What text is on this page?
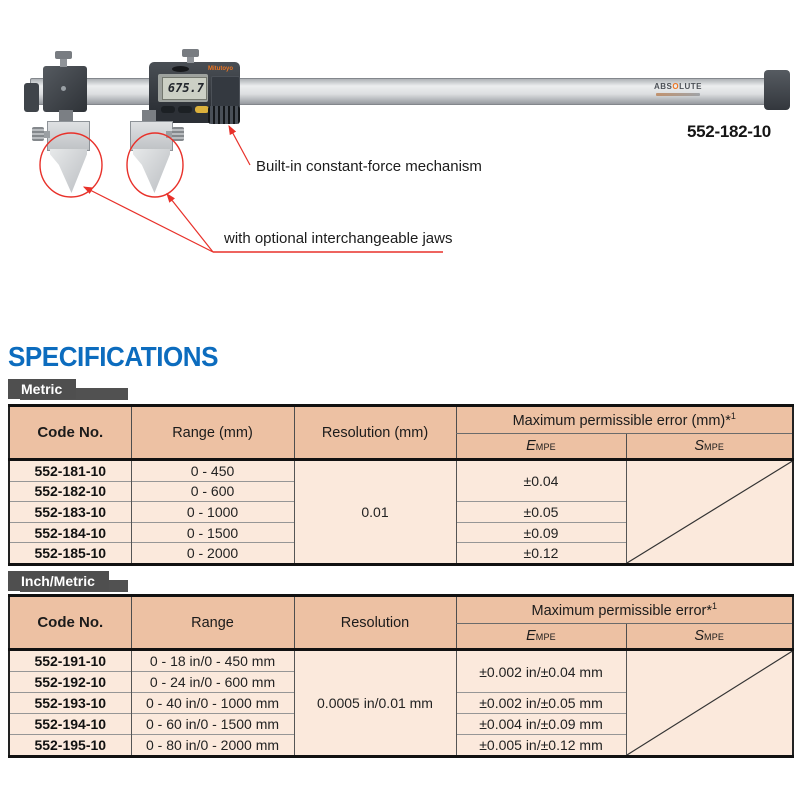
Mitutoyo
675.7	ABSOLUTE
Built-in constant-force mechanism
with optional interchangeable jaws
552-182-10
SPECIFICATIONS
Metric
Code No.	Range (mm)	Resolution (mm)	Maximum permissible error (mm)*$^1$
			EMPE	SMPE
552-181-10	0 - 450	0.01	±0.04	

552-182-10	0 - 600			
552-183-10	0 - 1000		±0.05	
552-184-10	0 - 1500		±0.09	
552-185-10	0 - 2000		±0.12	
Inch/Metric
Code No.	Range	Resolution	Maximum permissible error*$^1$
			EMPE	SMPE
552-191-10	0 - 18 in/0 - 450 mm	0.0005 in/0.01 mm	±0.002 in/±0.04 mm	

552-192-10	0 - 24 in/0 - 600 mm			
552-193-10	0 - 40 in/0 - 1000 mm		±0.002 in/±0.05 mm	
552-194-10	0 - 60 in/0 - 1500 mm		±0.004 in/±0.09 mm	
552-195-10	0 - 80 in/0 - 2000 mm		±0.005 in/±0.12 mm	
